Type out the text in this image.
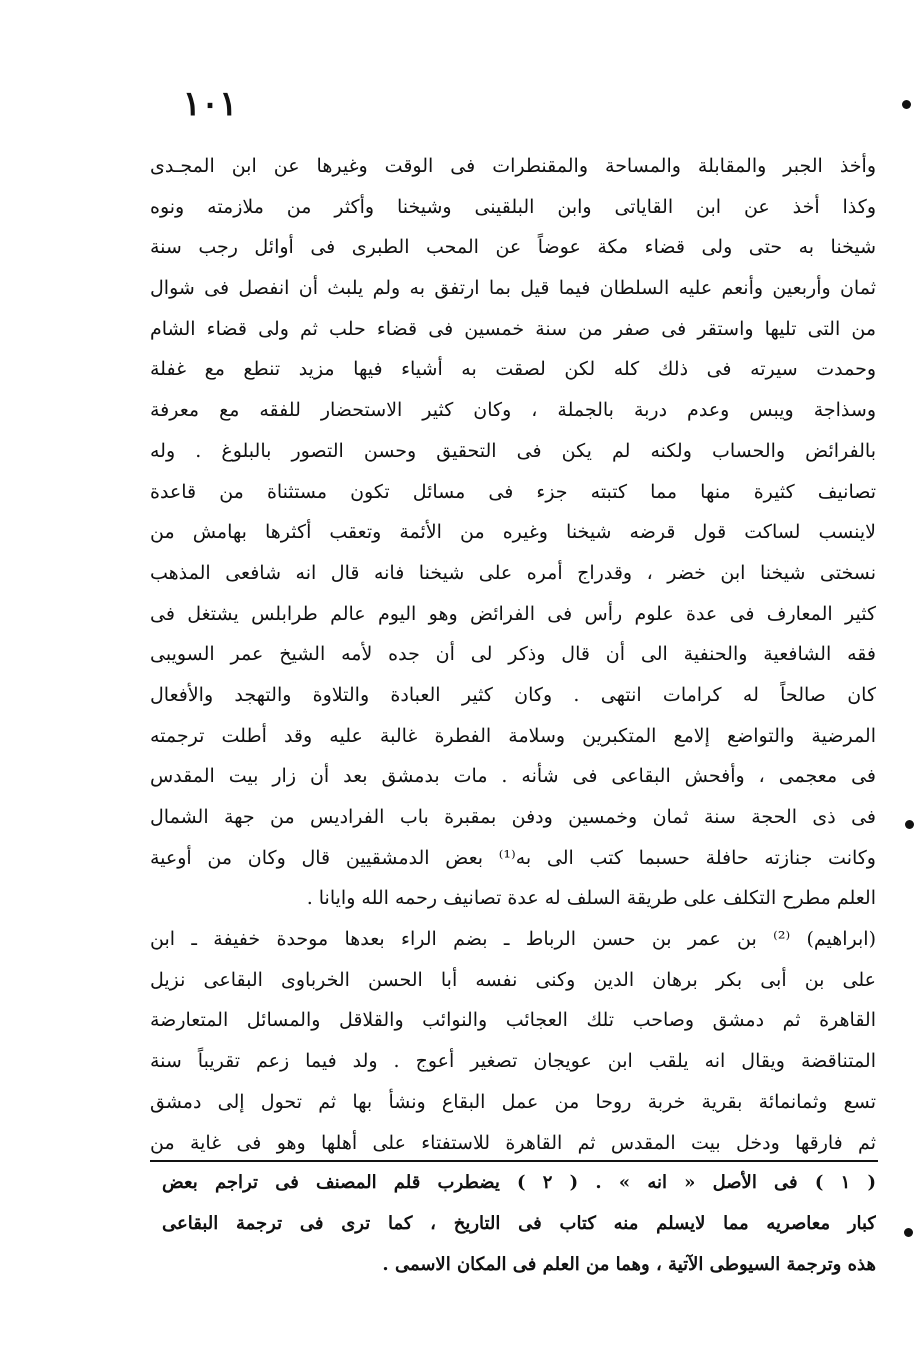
١٠١
وأخذ الجبر والمقابلة والمساحة والمقنطرات فى الوقت وغيرها عن ابن المجـدى
وكذا أخذ عن ابن القاياتى وابن البلقينى وشيخنا وأكثر من ملازمته ونوه
شيخنا به حتى ولى قضاء مكة عوضاً عن المحب الطبرى فى أوائل رجب سنة
ثمان وأربعين وأنعم عليه السلطان فيما قيل بما ارتفق به ولم يلبث أن انفصل فى شوال
من التى تليها واستقر فى صفر من سنة خمسين فى قضاء حلب ثم ولى قضاء الشام
وحمدت سيرته فى ذلك كله لكن لصقت به أشياء فيها مزيد تنطع مع غفلة
وسذاجة ويبس وعدم دربة بالجملة ، وكان كثير الاستحضار للفقه مع معرفة
بالفرائض والحساب ولكنه لم يكن فى التحقيق وحسن التصور بالبلوغ . وله
تصانيف كثيرة منها مما كتبته جزء فى مسائل تكون مستثناة من قاعدة
لاينسب لساكت قول قرضه شيخنا وغيره من الأئمة وتعقب أكثرها بهامش من
نسختى شيخنا ابن خضر ، وقدراج أمره على شيخنا فانه قال انه شافعى المذهب
كثير المعارف فى عدة علوم رأس فى الفرائض وهو اليوم عالم طرابلس يشتغل فى
فقه الشافعية والحنفية الى أن قال وذكر لى أن جده لأمه الشيخ عمر السويبى
كان صالحاً له كرامات انتهى . وكان كثير العبادة والتلاوة والتهجد والأفعال
المرضية والتواضع إلامع المتكبرين وسلامة الفطرة غالبة عليه وقد أطلت ترجمته
فى معجمى ، وأفحش البقاعى فى شأنه . مات بدمشق بعد أن زار بيت المقدس
فى ذى الحجة سنة ثمان وخمسين ودفن بمقبرة باب الفراديس من جهة الشمال
وكانت جنازته حافلة حسبما كتب الى به⁽¹⁾ بعض الدمشقيين قال وكان من أوعية
العلم مطرح التكلف على طريقة السلف له عدة تصانيف رحمه الله وايانا .
(ابراهيم) ⁽²⁾ بن عمر بن حسن الرباط ـ بضم الراء بعدها موحدة خفيفة ـ ابن
على بن أبى بكر برهان الدين وكنى نفسه أبا الحسن الخرباوى البقاعى نزيل
القاهرة ثم دمشق وصاحب تلك العجائب والنوائب والقلاقل والمسائل المتعارضة
المتناقضة ويقال انه يلقب ابن عويجان تصغير أعوج . ولد فيما زعم تقريباً سنة
تسع وثمانمائة بقرية خربة روحا من عمل البقاع ونشأ بها ثم تحول إلى دمشق
ثم فارقها ودخل بيت المقدس ثم القاهرة للاستفتاء على أهلها وهو فى غاية من
( ١ ) فى الأصل « انه » . ( ٢ ) يضطرب قلم المصنف فى تراجم بعض
كبار معاصريه مما لايسلم منه كتاب فى التاريخ ، كما ترى فى ترجمة البقاعى
هذه وترجمة السيوطى الآتية ، وهما من العلم فى المكان الاسمى .
